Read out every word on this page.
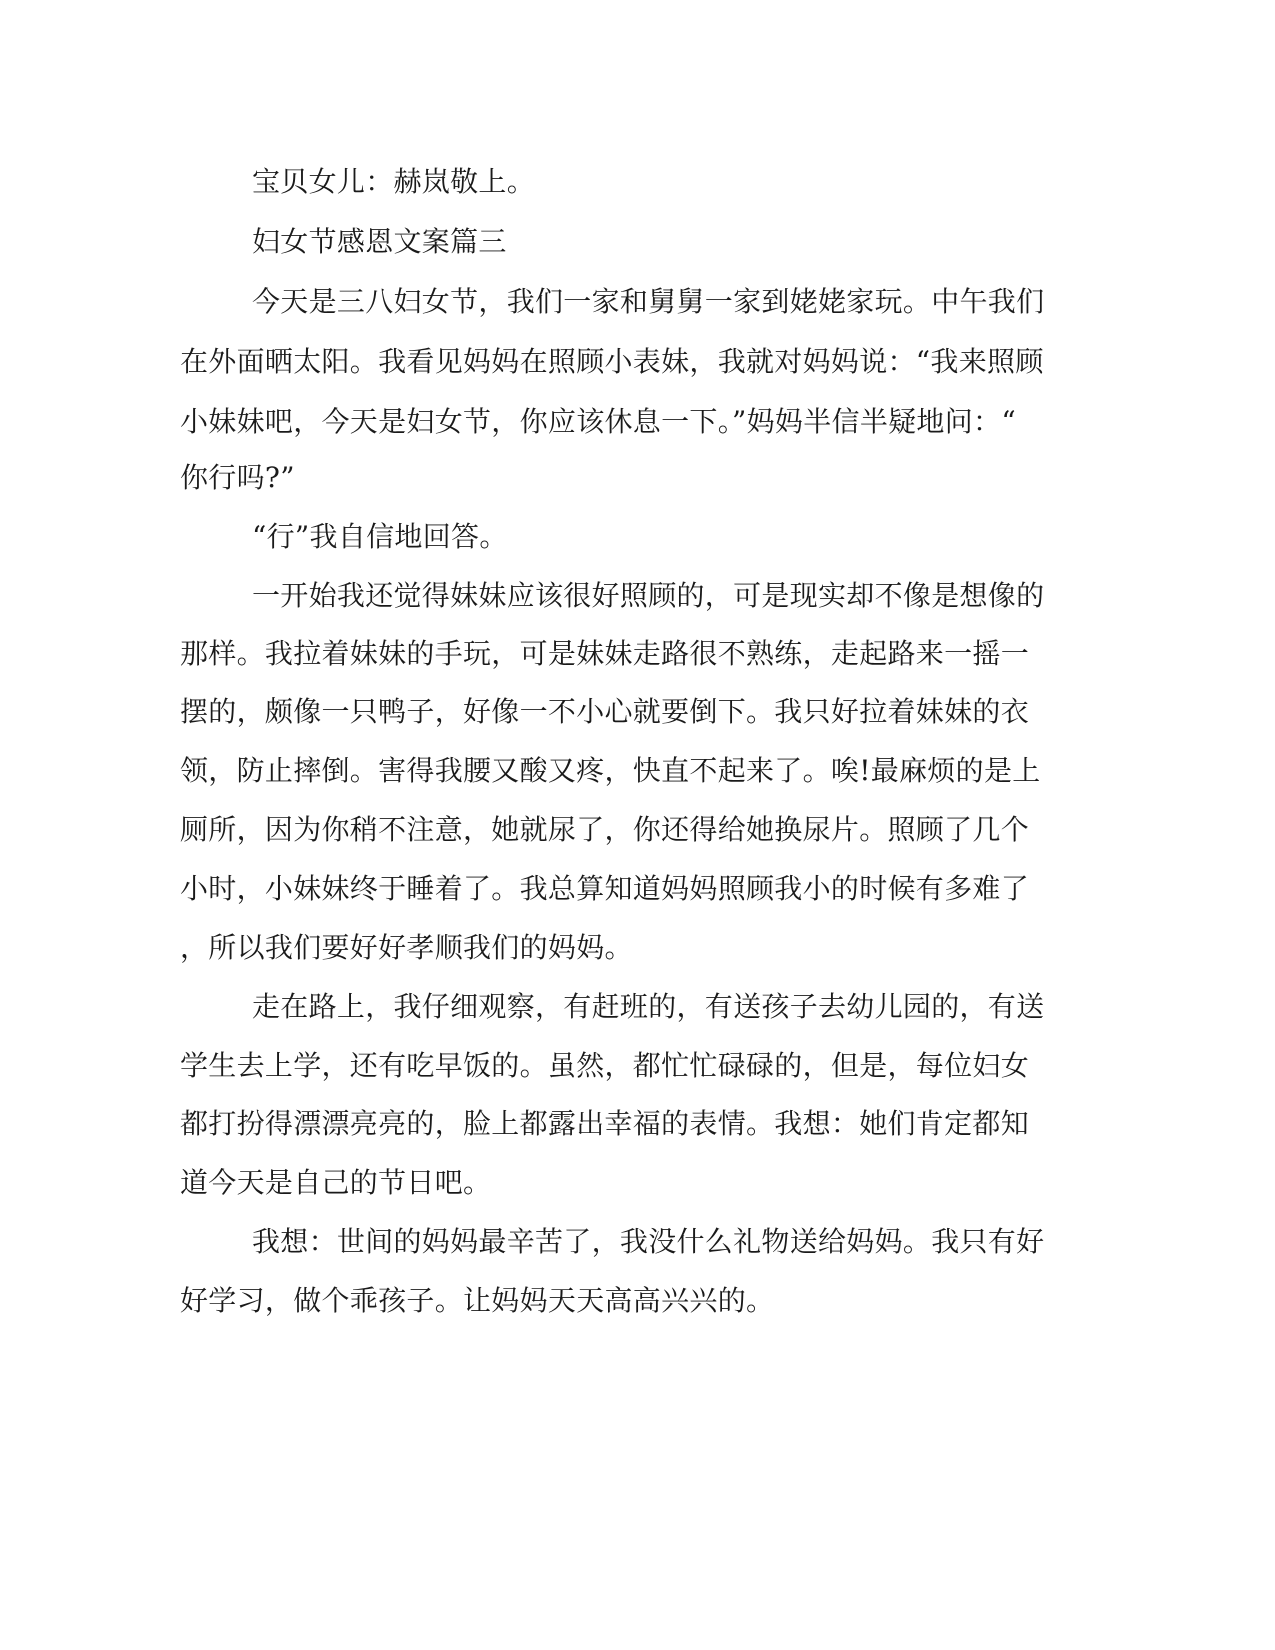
宝贝女儿：赫岚敬上。
妇女节感恩文案篇三
今天是三八妇女节，我们一家和舅舅一家到姥姥家玩。中午我们
在外面晒太阳。我看见妈妈在照顾小表妹，我就对妈妈说：“我来照顾
小妹妹吧，今天是妇女节，你应该休息一下。”妈妈半信半疑地问：“
你行吗?”
“行”我自信地回答。
一开始我还觉得妹妹应该很好照顾的，可是现实却不像是想像的
那样。我拉着妹妹的手玩，可是妹妹走路很不熟练，走起路来一摇一
摆的，颇像一只鸭子，好像一不小心就要倒下。我只好拉着妹妹的衣
领，防止摔倒。害得我腰又酸又疼，快直不起来了。唉!最麻烦的是上
厕所，因为你稍不注意，她就尿了，你还得给她换尿片。照顾了几个
小时，小妹妹终于睡着了。我总算知道妈妈照顾我小的时候有多难了
，所以我们要好好孝顺我们的妈妈。
走在路上，我仔细观察，有赶班的，有送孩子去幼儿园的，有送
学生去上学，还有吃早饭的。虽然，都忙忙碌碌的，但是，每位妇女
都打扮得漂漂亮亮的，脸上都露出幸福的表情。我想：她们肯定都知
道今天是自己的节日吧。
我想：世间的妈妈最辛苦了，我没什么礼物送给妈妈。我只有好
好学习，做个乖孩子。让妈妈天天高高兴兴的。
